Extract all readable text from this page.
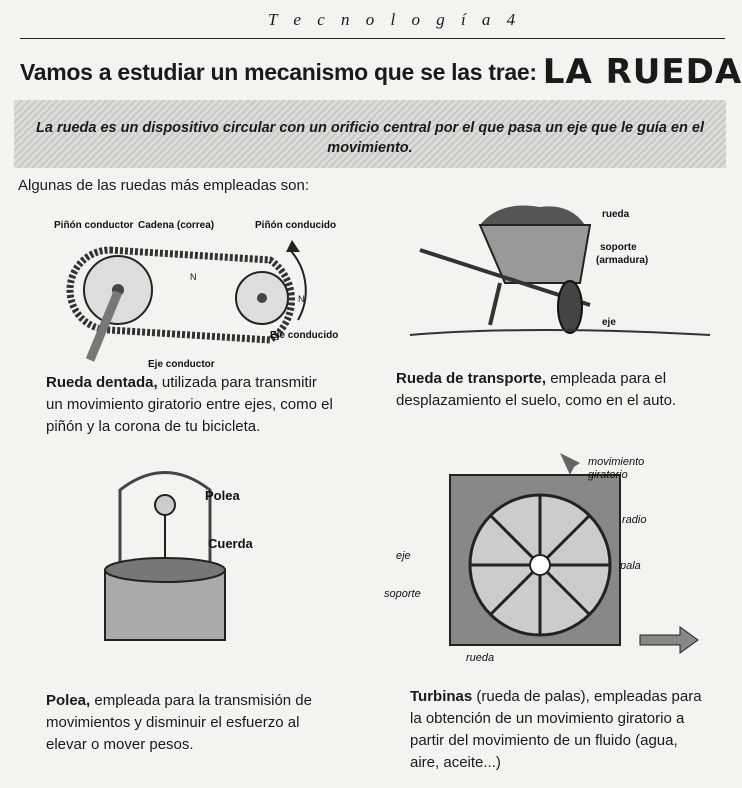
T e c n o l o g í a 4
Vamos a estudiar un mecanismo que se las trae: LA RUEDA
La rueda es un dispositivo circular con un orificio central por el que pasa un eje que le guía en el movimiento.
Algunas de las ruedas más empleadas son:
Piñón conductor Cadena (correa)	Piñón conducido
N
N
Eje conducido
Eje conductor
rueda
soporte
(armadura)
eje
Polea
Cuerda
movimiento
giratorio
radio
pala
eje
soporte
rueda
Rueda dentada, utilizada para transmitir un movimiento giratorio entre ejes, como el piñón y la corona de tu bicicleta.
Rueda de transporte, empleada para el desplazamiento el suelo, como en el auto.
Polea, empleada para la transmisión de movimientos y disminuir el esfuerzo al elevar o mover pesos.
Turbinas (rueda de palas), empleadas para la obtención de un movimiento giratorio a partir del movimiento de un fluido (agua, aire, aceite...)
